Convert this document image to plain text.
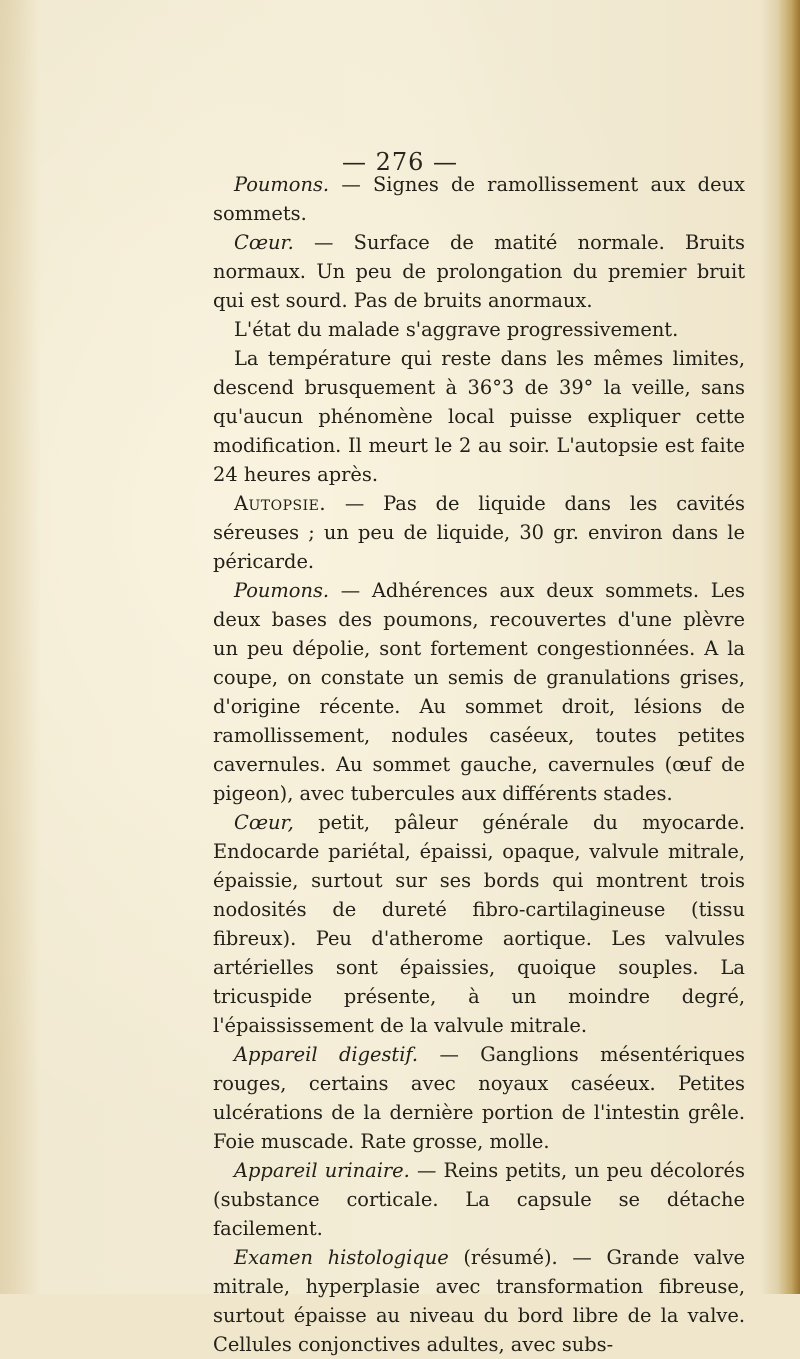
— 276 —

Poumons. — Signes de ramollissement aux deux sommets.

Cœur. — Surface de matité normale. Bruits normaux. Un peu de prolongation du premier bruit qui est sourd. Pas de bruits anormaux.

L'état du malade s'aggrave progressivement.

La température qui reste dans les mêmes limites, descend brusquement à 36°3 de 39° la veille, sans qu'aucun phénomène local puisse expliquer cette modification. Il meurt le 2 au soir. L'autopsie est faite 24 heures après.

Autopsie. — Pas de liquide dans les cavités séreuses ; un peu de liquide, 30 gr. environ dans le péricarde.

Poumons. — Adhérences aux deux sommets. Les deux bases des poumons, recouvertes d'une plèvre un peu dépolie, sont fortement congestionnées. A la coupe, on constate un semis de granulations grises, d'origine récente. Au sommet droit, lésions de ramollissement, nodules caséeux, toutes petites cavernules. Au sommet gauche, cavernules (œuf de pigeon), avec tubercules aux différents stades.

Cœur, petit, pâleur générale du myocarde. Endocarde pariétal, épaissi, opaque, valvule mitrale, épaissie, surtout sur ses bords qui montrent trois nodosités de dureté fibro-cartilagineuse (tissu fibreux). Peu d'atherome aortique. Les valvules artérielles sont épaissies, quoique souples. La tricuspide présente, à un moindre degré, l'épaississement de la valvule mitrale.

Appareil digestif. — Ganglions mésentériques rouges, certains avec noyaux caséeux. Petites ulcérations de la dernière portion de l'intestin grêle. Foie muscade. Rate grosse, molle.

Appareil urinaire. — Reins petits, un peu décolorés (substance corticale. La capsule se détache facilement.

Examen histologique (résumé). — Grande valve mitrale, hyperplasie avec transformation fibreuse, surtout épaisse au niveau du bord libre de la valve. Cellules conjonctives adultes, avec subs-
